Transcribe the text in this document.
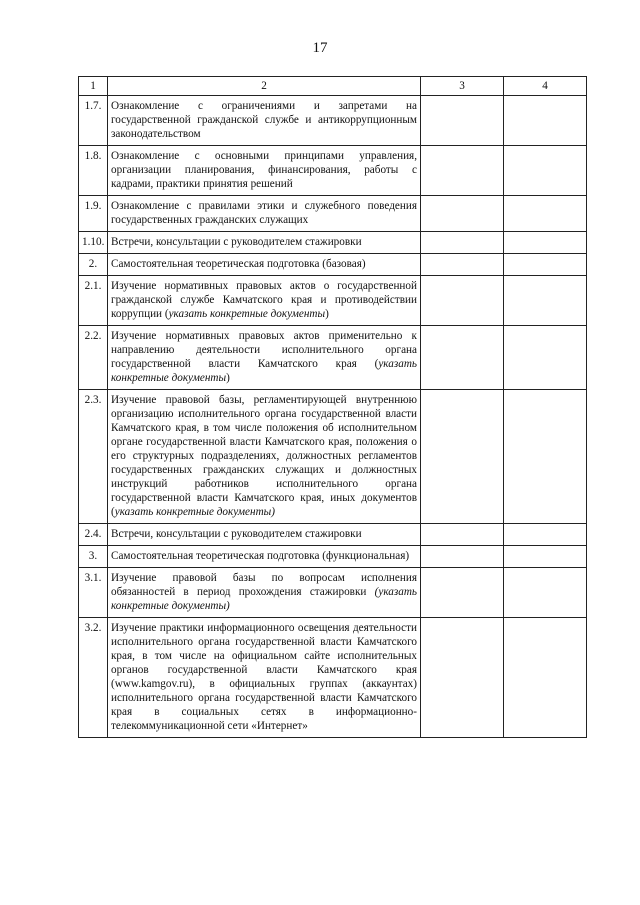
17
1	2	3	4
1.7.	Ознакомление с ограничениями и запретами на государственной гражданской службе и антикоррупционным законодательством		
1.8.	Ознакомление с основными принципами управления, организации планирования, финансирования, работы с кадрами, практики принятия решений		
1.9.	Ознакомление с правилами этики и служебного поведения государственных гражданских служащих		
1.10.	Встречи, консультации с руководителем стажировки		
2.	Самостоятельная теоретическая подготовка (базовая)		
2.1.	Изучение нормативных правовых актов о государственной гражданской службе Камчатского края и противодействии коррупции (указать конкретные документы)		
2.2.	Изучение нормативных правовых актов применительно к направлению деятельности исполнительного органа государственной власти Камчатского края (указать конкретные документы)		
2.3.	Изучение правовой базы, регламентирующей внутреннюю организацию исполнительного органа государственной власти Камчатского края, в том числе положения об исполнительном органе государственной власти Камчатского края, положения о его структурных подразделениях, должностных регламентов государственных гражданских служащих и должностных инструкций работников исполнительного органа государственной власти Камчатского края, иных документов (указать конкретные документы)		
2.4.	Встречи, консультации с руководителем стажировки		
3.	Самостоятельная теоретическая подготовка (функциональная)		
3.1.	Изучение правовой базы по вопросам исполнения обязанностей в период прохождения стажировки (указать конкретные документы)		
3.2.	Изучение практики информационного освещения деятельности исполнительного органа государственной власти Камчатского края, в том числе на официальном сайте исполнительных органов государственной власти Камчатского края (www.kamgov.ru), в официальных группах (аккаунтах) исполнительного органа государственной власти Камчатского края в социальных сетях в информационно-телекоммуникационной сети «Интернет»		
